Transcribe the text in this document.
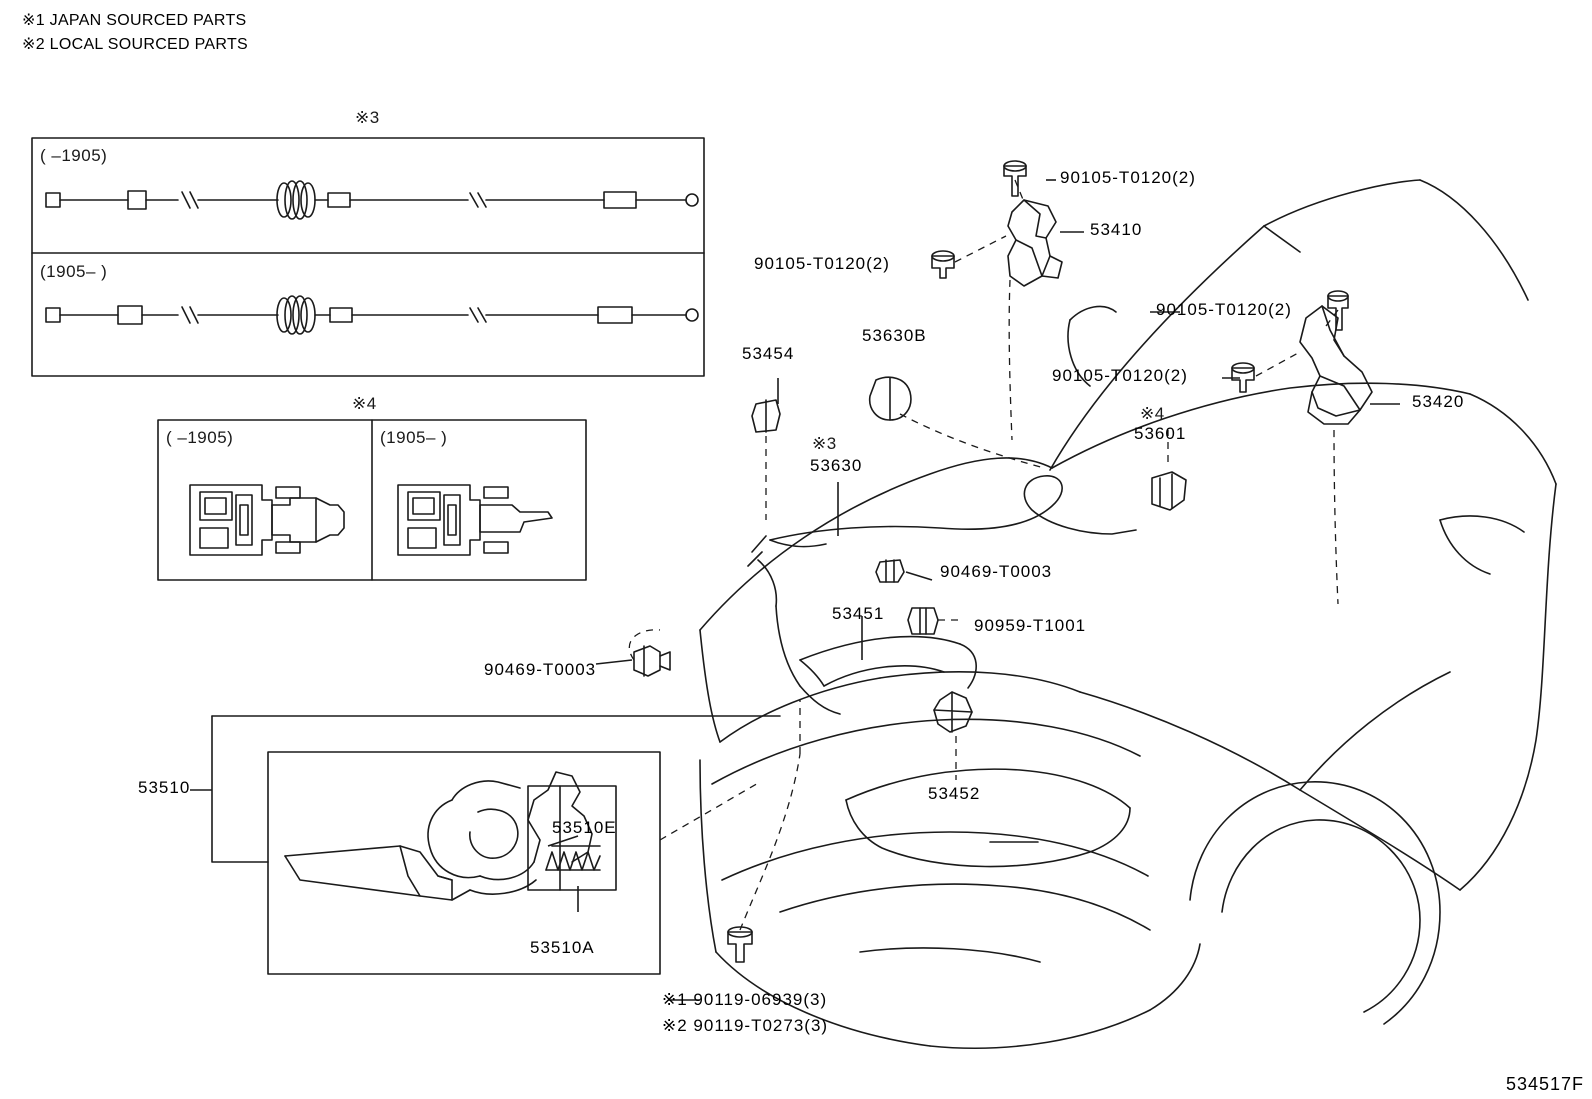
※1 JAPAN SOURCED PARTS
※2 LOCAL SOURCED PARTS
※3
( –1905)
(1905– )
※4
( –1905)	(1905– )
90105-T0120(2)
53410
90105-T0120(2)
90105-T0120(2)
90105-T0120(2)
53420
53630B
53454
※3
53630
※4
53601
90469-T0003
53451
90959-T1001
90469-T0003
53452
53510
53510E
53510A
※1 90119-06939(3)
※2 90119-T0273(3)
534517F
